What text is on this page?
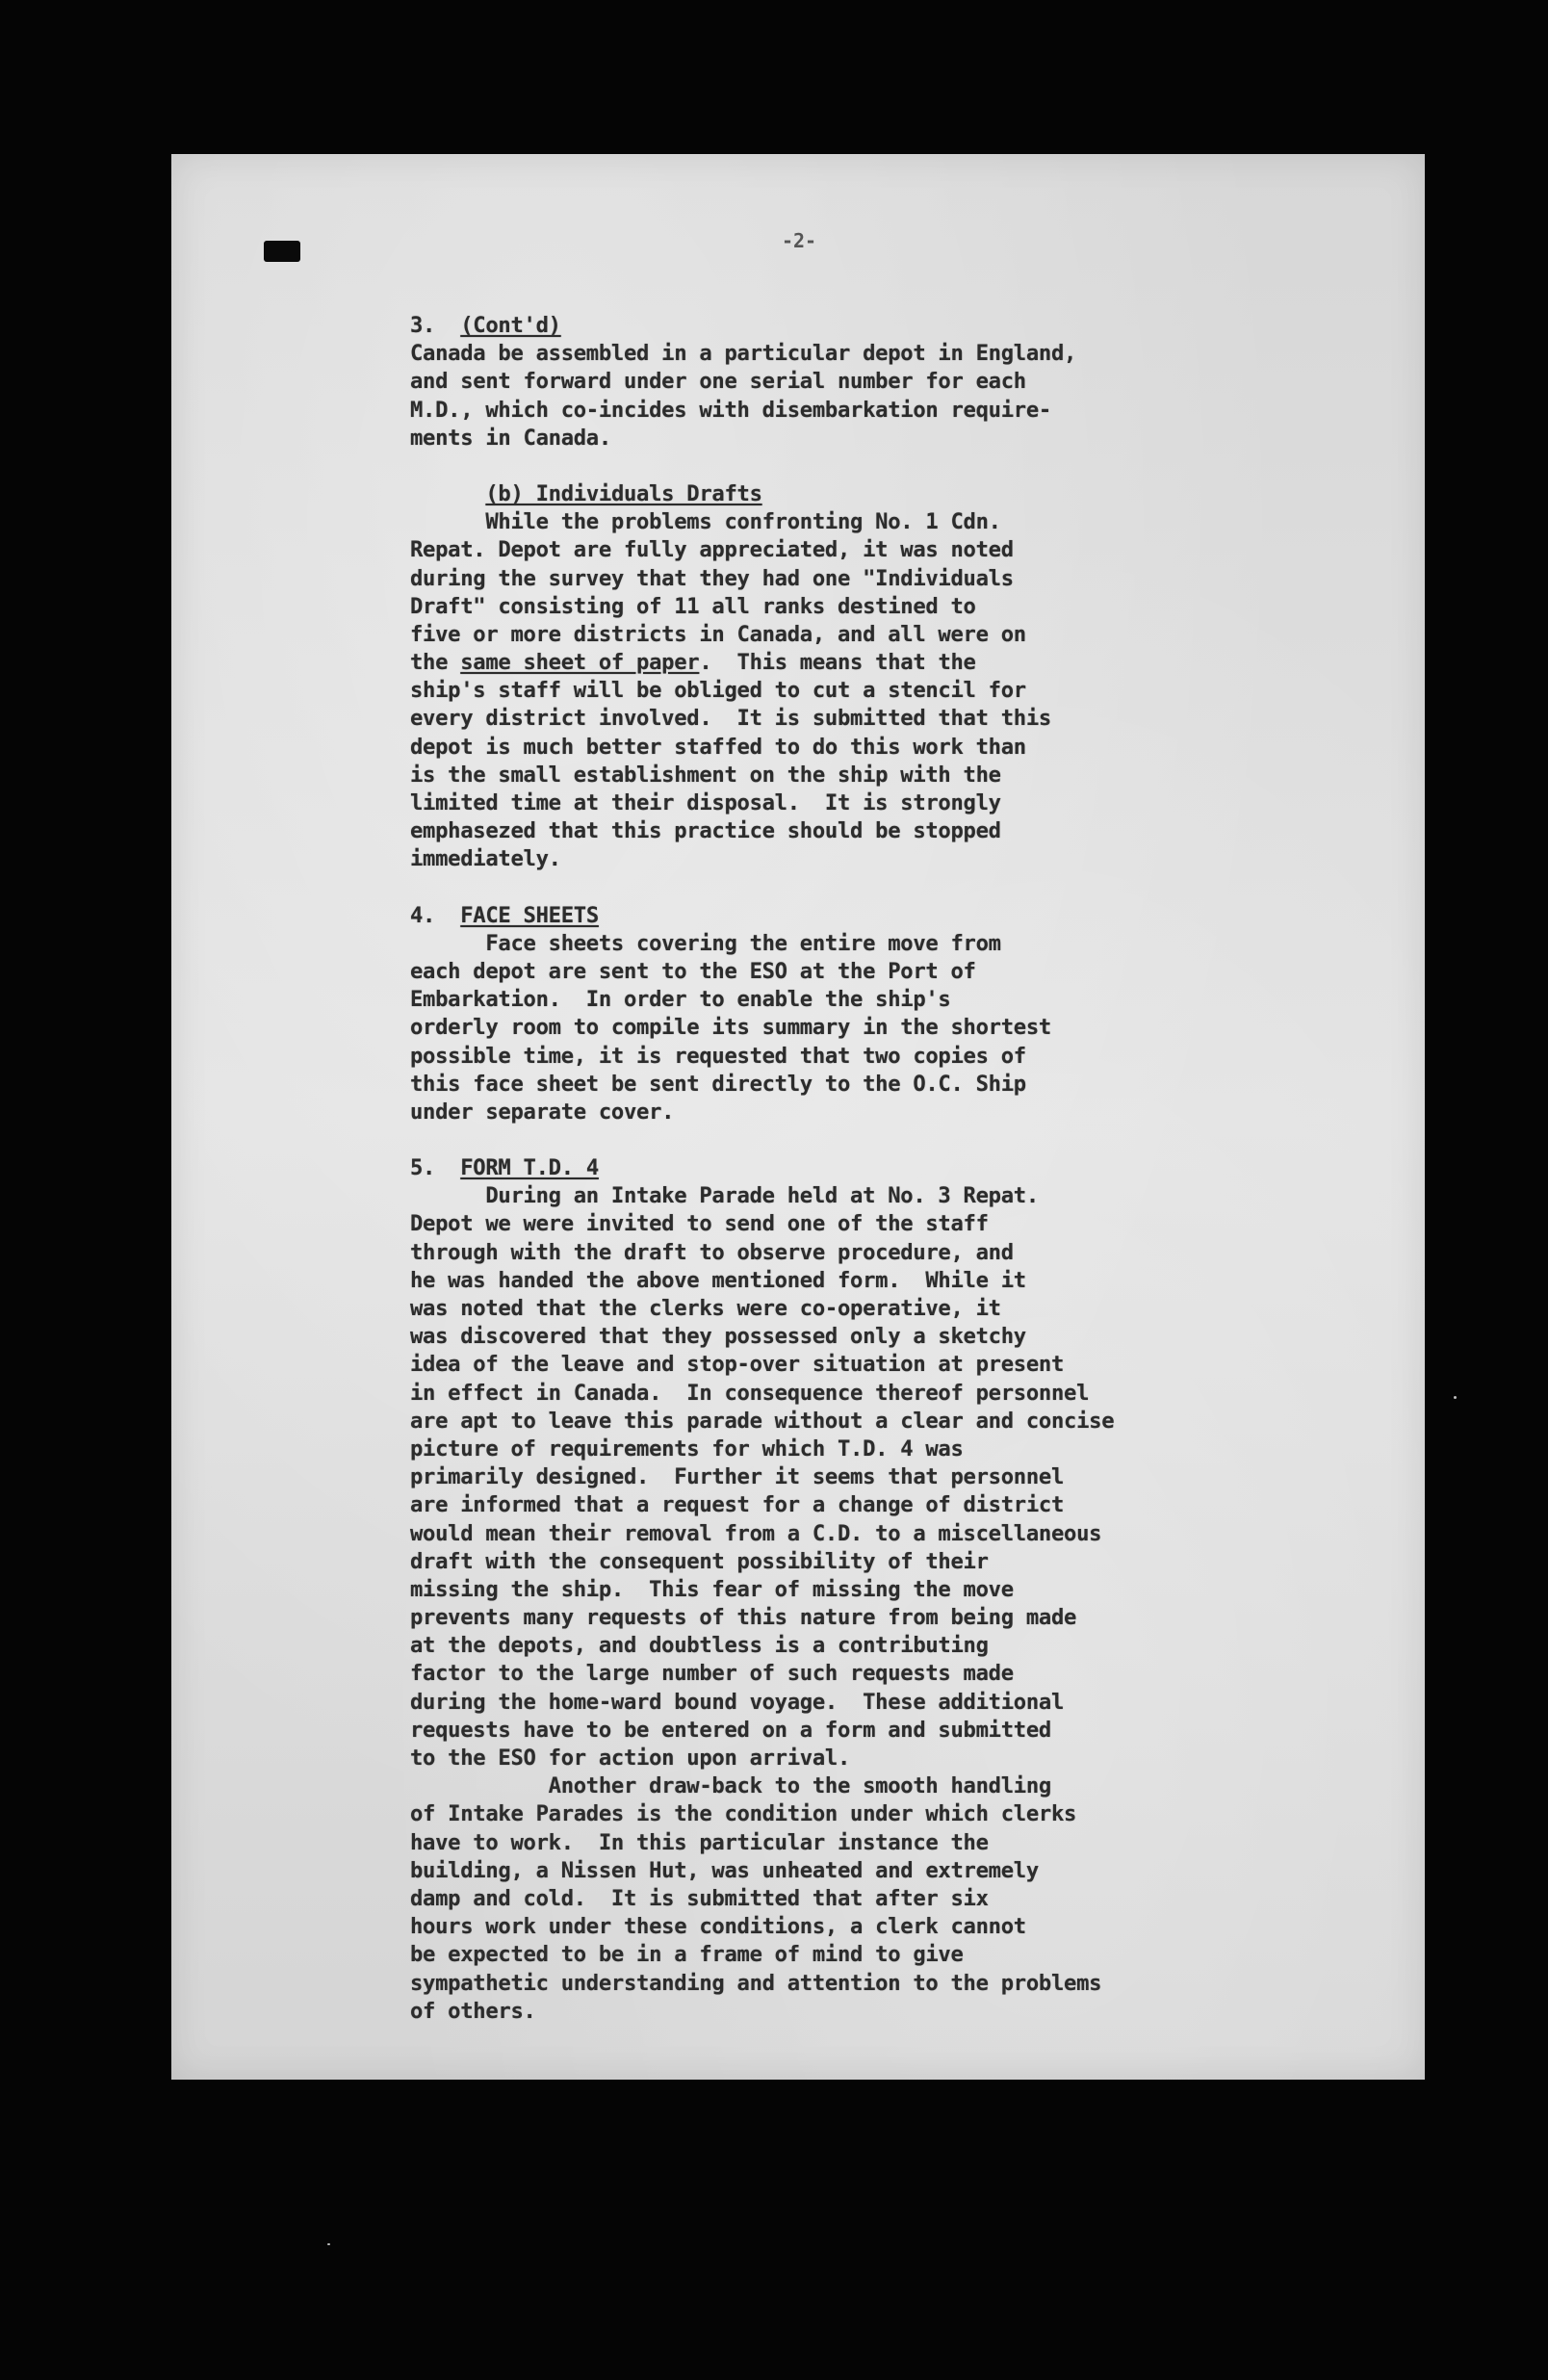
-2-
3. (Cont'd)
Canada be assembled in a particular depot in England,
and sent forward under one serial number for each
M.D., which co-incides with disembarkation require-
ments in Canada.
(b) Individuals Drafts
While the problems confronting No. 1 Cdn.
Repat. Depot are fully appreciated, it was noted
during the survey that they had one "Individuals
Draft" consisting of 11 all ranks destined to
five or more districts in Canada, and all were on
the same sheet of paper.  This means that the
ship's staff will be obliged to cut a stencil for
every district involved.  It is submitted that this
depot is much better staffed to do this work than
is the small establishment on the ship with the
limited time at their disposal.  It is strongly
emphasezed that this practice should be stopped
immediately.
4. FACE SHEETS
Face sheets covering the entire move from
each depot are sent to the ESO at the Port of
Embarkation.  In order to enable the ship's
orderly room to compile its summary in the shortest
possible time, it is requested that two copies of
this face sheet be sent directly to the O.C. Ship
under separate cover.
5. FORM T.D. 4
During an Intake Parade held at No. 3 Repat.
Depot we were invited to send one of the staff
through with the draft to observe procedure, and
he was handed the above mentioned form.  While it
was noted that the clerks were co-operative, it
was discovered that they possessed only a sketchy
idea of the leave and stop-over situation at present
in effect in Canada.  In consequence thereof personnel
are apt to leave this parade without a clear and concise
picture of requirements for which T.D. 4 was
primarily designed.  Further it seems that personnel
are informed that a request for a change of district
would mean their removal from a C.D. to a miscellaneous
draft with the consequent possibility of their
missing the ship.  This fear of missing the move
prevents many requests of this nature from being made
at the depots, and doubtless is a contributing
factor to the large number of such requests made
during the home-ward bound voyage.  These additional
requests have to be entered on a form and submitted
to the ESO for action upon arrival.
Another draw-back to the smooth handling
of Intake Parades is the condition under which clerks
have to work.  In this particular instance the
building, a Nissen Hut, was unheated and extremely
damp and cold.  It is submitted that after six
hours work under these conditions, a clerk cannot
be expected to be in a frame of mind to give
sympathetic understanding and attention to the problems
of others.
